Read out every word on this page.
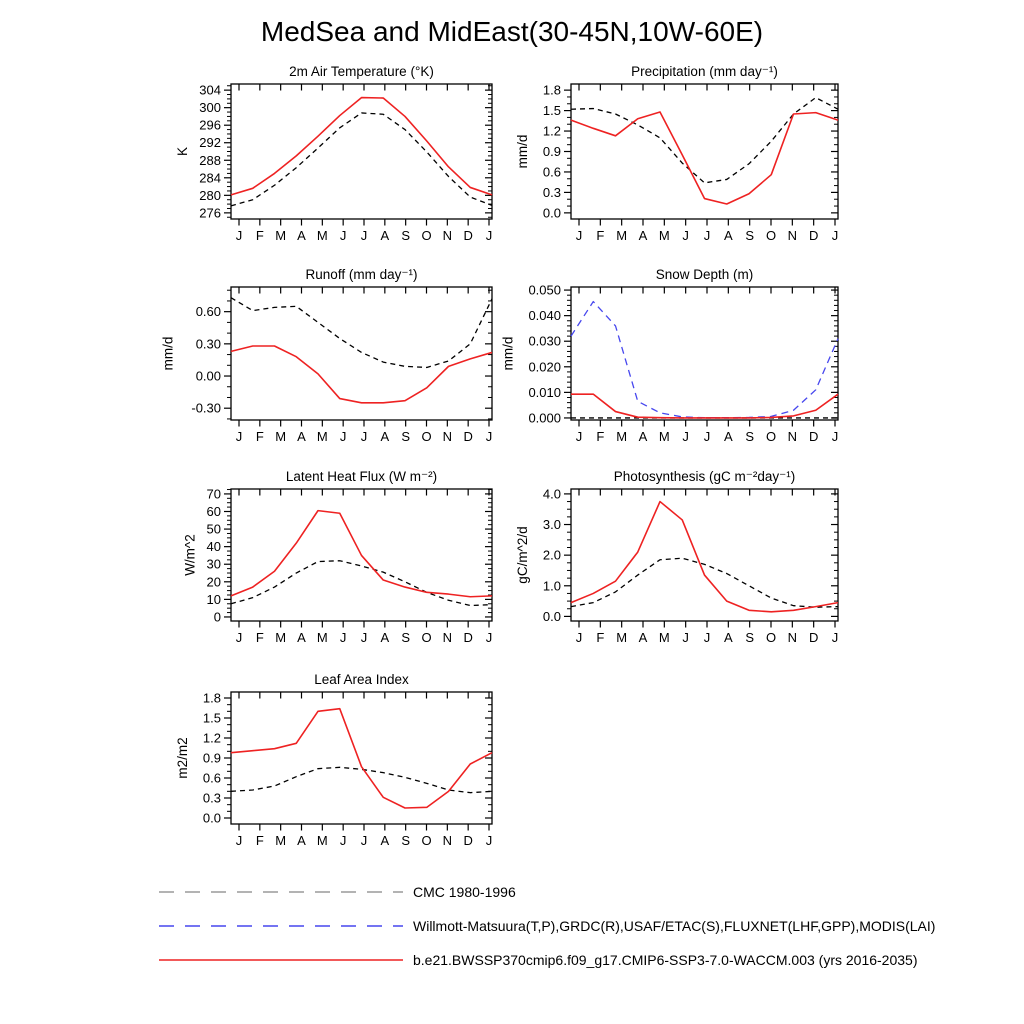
MedSea and MidEast(30-45N,10W-60E)
276
280
284
288
292
296
300
304
J F M A M J J A S O N D J
2m Air Temperature (°K)
K
0.0
0.3
0.6
0.9
1.2
1.5
1.8
J F M A M J J A S O N D J
Precipitation (mm day⁻¹)
mm/d
-0.30
0.00
0.30
0.60
J F M A M J J A S O N D J
Runoff (mm day⁻¹)
mm/d
0.000
0.010
0.020
0.030
0.040
0.050
J F M A M J J A S O N D J
Snow Depth (m)
mm/d
0
10
20
30
40
50
60
70
J F M A M J J A S O N D J
Latent Heat Flux (W m⁻²)
W/m^2
0.0
1.0
2.0
3.0
4.0
J F M A M J J A S O N D J
Photosynthesis (gC m⁻²day⁻¹)
gC/m^2/d
0.0
0.3
0.6
0.9
1.2
1.5
1.8
J F M A M J J A S O N D J
Leaf Area Index
m2/m2
CMC 1980-1996
Willmott-Matsuura(T,P),GRDC(R),USAF/ETAC(S),FLUXNET(LHF,GPP),MODIS(LAI)
b.e21.BWSSP370cmip6.f09_g17.CMIP6-SSP3-7.0-WACCM.003 (yrs 2016-2035)
